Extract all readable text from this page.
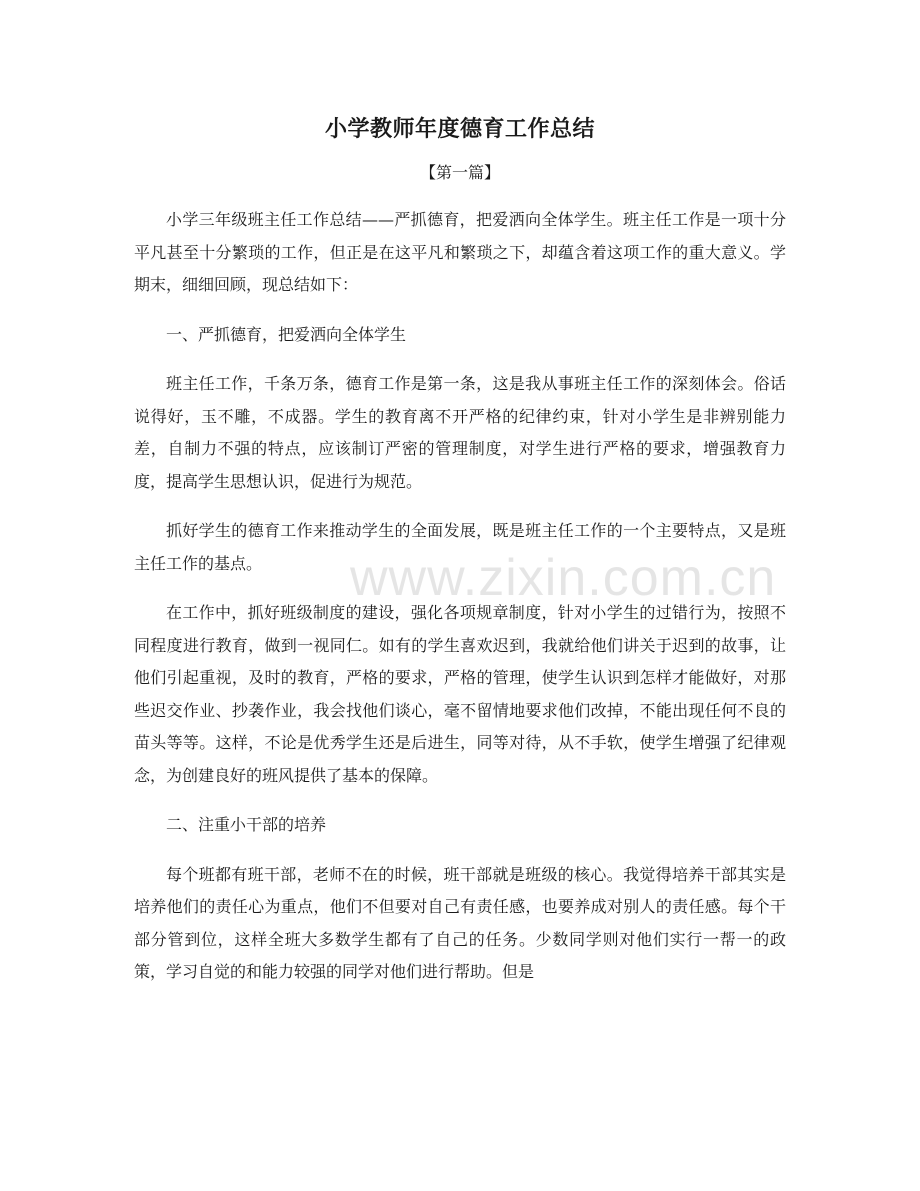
小学教师年度德育工作总结

【第一篇】

小学三年级班主任工作总结——严抓德育，把爱洒向全体学生。班主任工作是一项十分平凡甚至十分繁琐的工作，但正是在这平凡和繁琐之下，却蕴含着这项工作的重大意义。学期末，细细回顾，现总结如下：

一、严抓德育，把爱洒向全体学生

班主任工作，千条万条，德育工作是第一条，这是我从事班主任工作的深刻体会。俗话说得好，玉不雕，不成器。学生的教育离不开严格的纪律约束，针对小学生是非辨别能力差，自制力不强的特点，应该制订严密的管理制度，对学生进行严格的要求，增强教育力度，提高学生思想认识，促进行为规范。

抓好学生的德育工作来推动学生的全面发展，既是班主任工作的一个主要特点，又是班主任工作的基点。

在工作中，抓好班级制度的建设，强化各项规章制度，针对小学生的过错行为，按照不同程度进行教育，做到一视同仁。如有的学生喜欢迟到，我就给他们讲关于迟到的故事，让他们引起重视，及时的教育，严格的要求，严格的管理，使学生认识到怎样才能做好，对那些迟交作业、抄袭作业，我会找他们谈心，毫不留情地要求他们改掉，不能出现任何不良的苗头等等。这样，不论是优秀学生还是后进生，同等对待，从不手软，使学生增强了纪律观念，为创建良好的班风提供了基本的保障。

二、注重小干部的培养

每个班都有班干部，老师不在的时候，班干部就是班级的核心。我觉得培养干部其实是培养他们的责任心为重点，他们不但要对自己有责任感，也要养成对别人的责任感。每个干部分管到位，这样全班大多数学生都有了自己的任务。少数同学则对他们实行一帮一的政策，学习自觉的和能力较强的同学对他们进行帮助。但是

www.zixin.com.cn
